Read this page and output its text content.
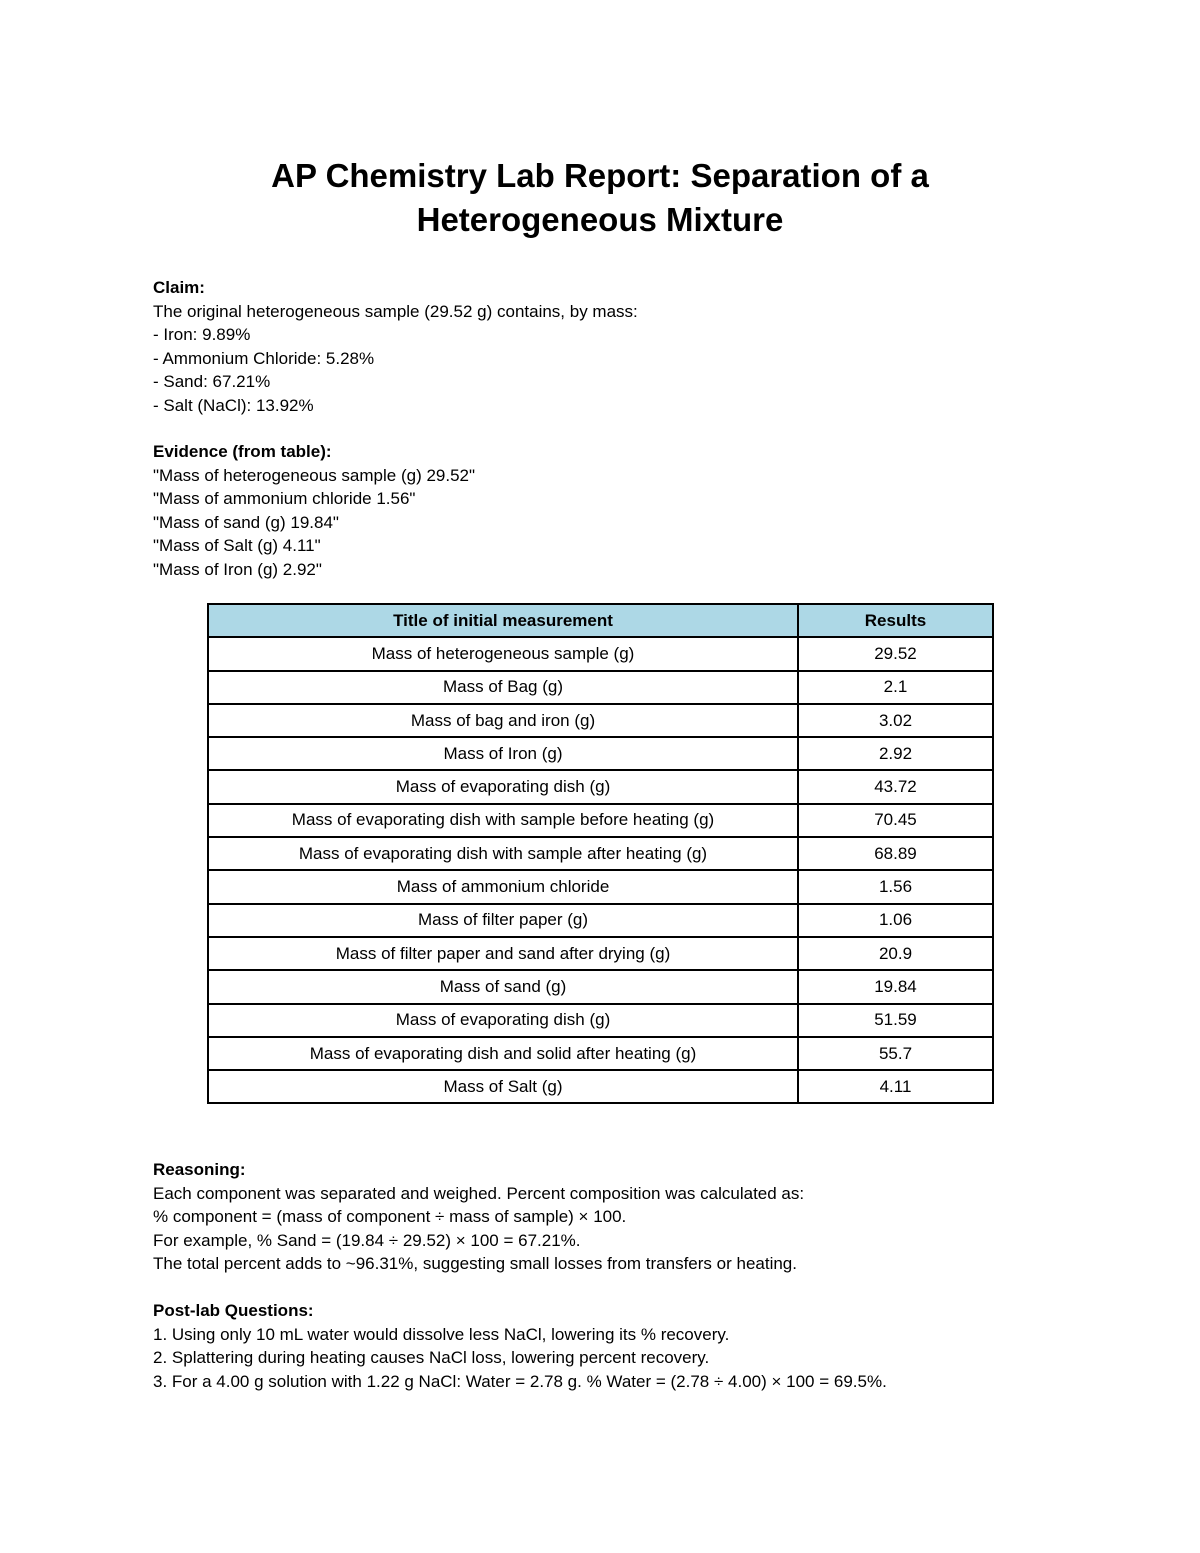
AP Chemistry Lab Report: Separation of a
Heterogeneous Mixture
Claim:
The original heterogeneous sample (29.52 g) contains, by mass:
- Iron: 9.89%
- Ammonium Chloride: 5.28%
- Sand: 67.21%
- Salt (NaCl): 13.92%
Evidence (from table):
"Mass of heterogeneous sample (g) 29.52"
"Mass of ammonium chloride 1.56"
"Mass of sand (g) 19.84"
"Mass of Salt (g) 4.11"
"Mass of Iron (g) 2.92"
Title of initial measurement	Results
Mass of heterogeneous sample (g)	29.52
Mass of Bag (g)	2.1
Mass of bag and iron (g)	3.02
Mass of Iron (g)	2.92
Mass of evaporating dish (g)	43.72
Mass of evaporating dish with sample before heating (g)	70.45
Mass of evaporating dish with sample after heating (g)	68.89
Mass of ammonium chloride	1.56
Mass of filter paper (g)	1.06
Mass of filter paper and sand after drying (g)	20.9
Mass of sand (g)	19.84
Mass of evaporating dish (g)	51.59
Mass of evaporating dish and solid after heating (g)	55.7
Mass of Salt (g)	4.11
Reasoning:
Each component was separated and weighed. Percent composition was calculated as:
% component = (mass of component ÷ mass of sample) × 100.
For example, % Sand = (19.84 ÷ 29.52) × 100 = 67.21%.
The total percent adds to ~96.31%, suggesting small losses from transfers or heating.
Post-lab Questions:
1. Using only 10 mL water would dissolve less NaCl, lowering its % recovery.
2. Splattering during heating causes NaCl loss, lowering percent recovery.
3. For a 4.00 g solution with 1.22 g NaCl: Water = 2.78 g. % Water = (2.78 ÷ 4.00) × 100 = 69.5%.
